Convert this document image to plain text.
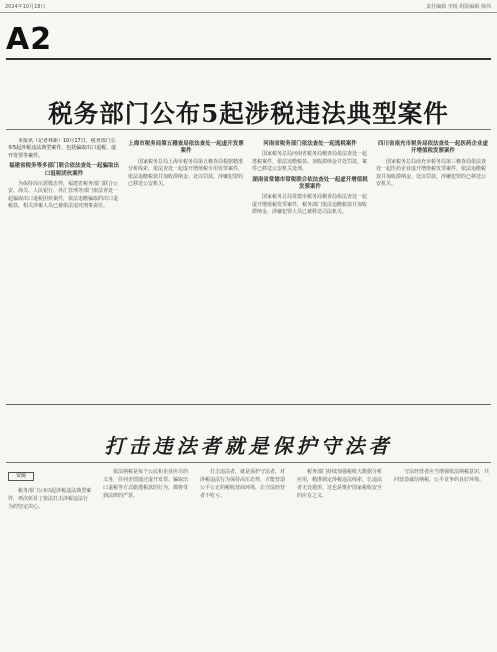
2024年10月18日	责任编辑 李锐 组版编辑 韩伟
A2
税务部门公布5起涉税违法典型案件

本报讯（记者林新）10月17日，税务部门公布5起涉税违法典型案件，包括骗取出口退税、虚开发票等案件。

福建省税务等多部门联合依法查处一起骗取出口退税团伙案件

为保持高压震慑态势，福建省税务部门联合公安、海关、人民银行、外汇管理等部门依法查处一起骗取出口退税团伙案件，依法追缴骗取的出口退税款，相关涉案人员已被依法追究刑事责任。

上海市税务局第五稽查局依法查处一起虚开发票案件

国家税务总局上海市税务局第五稽查局根据精准分析线索，依法查处一起虚开增值税专用发票案件，依法追缴税款并加收滞纳金、处以罚款，涉嫌犯罪的已移送公安机关。

河南省税务部门依法查处一起逃税案件

国家税务总局河南省税务局稽查局依法查处一起逃税案件，依法追缴税款、加收滞纳金并处罚款，案件已移送公安机关处理。

湖南省常德市常税联合依法查处一起虚开增值税发票案件

国家税务总局常德市税务局稽查局依法查处一起虚开增值税发票案件，税务部门依法追缴税款并加收滞纳金，涉嫌犯罪人员已被移送司法机关。

四川省南充市税务局依法查处一起医药企业虚开增值税发票案件

国家税务总局南充市税务局第三稽查局依法查处一起医药企业虚开增值税发票案件，依法追缴税款并加收滞纳金、处以罚款，涉嫌犯罪的已移送公安机关。

打击违法者就是保护守法者
贾璐

税务部门公布5起涉税违法典型案件，再次彰显了依法打击涉税违法行为的坚定决心。

依法纳税是每个公民和企业应尽的义务，任何企图通过虚开发票、骗取出口退税等方式偷逃税款的行为，都将受到法律的严惩。

打击违法者，就是保护守法者。对涉税违法行为保持高压态势，才能营造公平公正的税收营商环境，让守法经营者不吃亏。

税务部门持续加强税收大数据分析应用，精准锁定涉税违法线索，让违法者无处遁形，这也是维护国家税收安全的应有之义。

守法经营者应当增强依法纳税意识，共同营造诚信纳税、公平竞争的良好环境。
